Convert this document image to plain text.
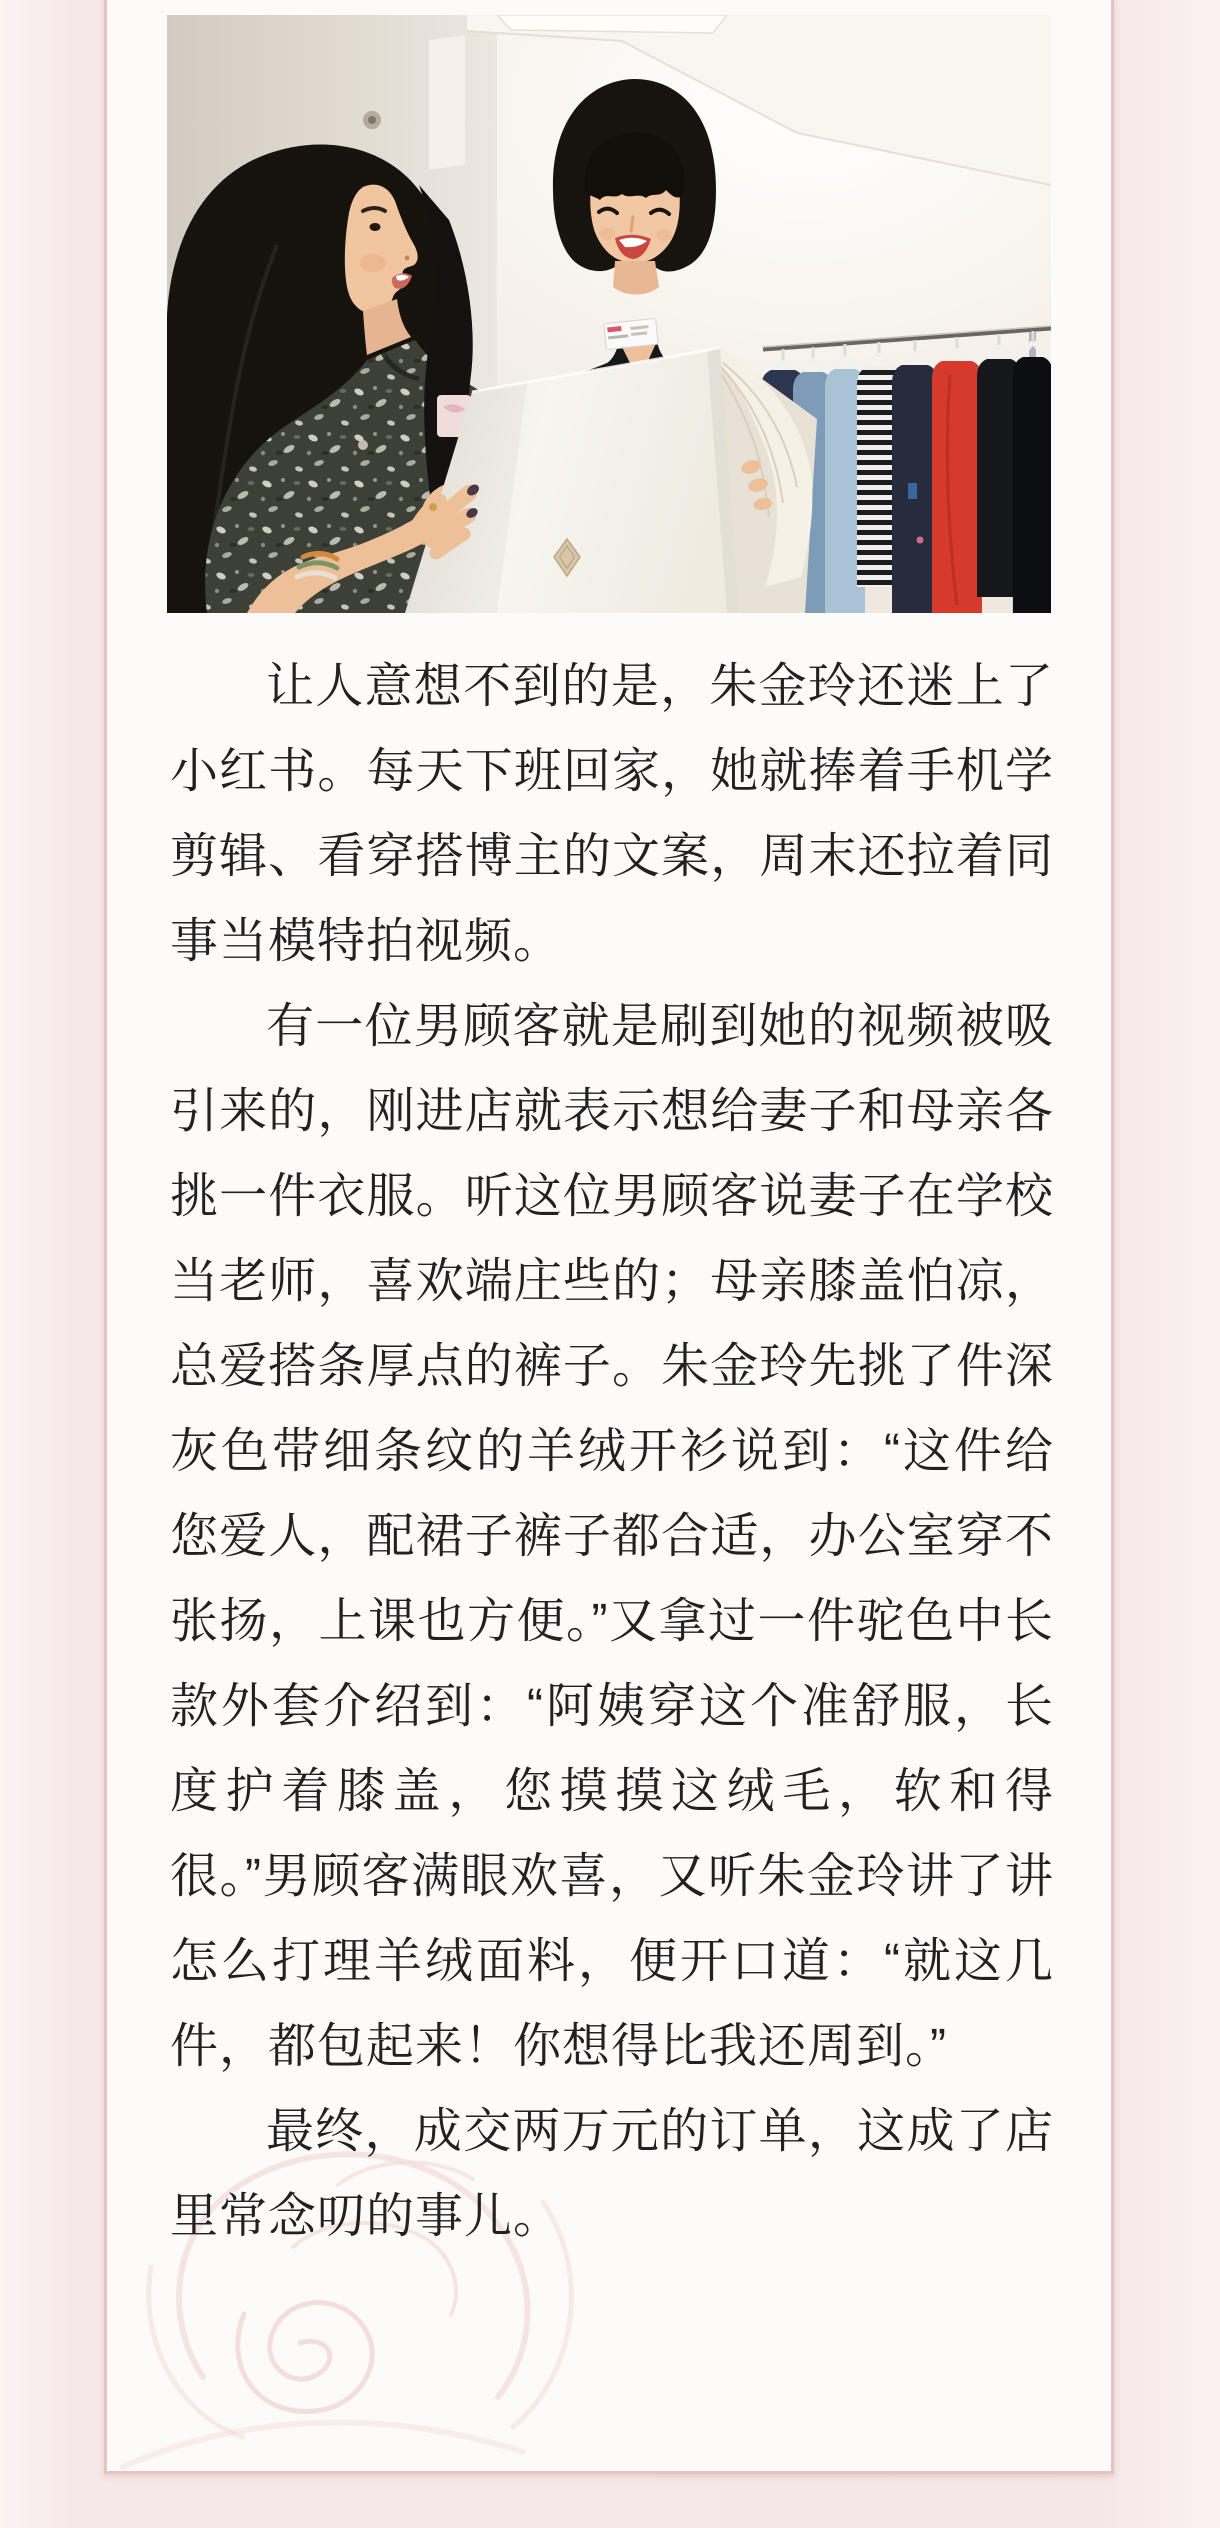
让人意想不到的是，朱金玲还迷上了小红书。每天下班回家，她就捧着手机学剪辑、看穿搭博主的文案，周末还拉着同事当模特拍视频。

有一位男顾客就是刷到她的视频被吸引来的，刚进店就表示想给妻子和母亲各挑一件衣服。听这位男顾客说妻子在学校当老师，喜欢端庄些的；母亲膝盖怕凉，总爱搭条厚点的裤子。朱金玲先挑了件深灰色带细条纹的羊绒开衫说到：“这件给您爱人，配裙子裤子都合适，办公室穿不张扬，上课也方便。”又拿过一件驼色中长款外套介绍到：“阿姨穿这个准舒服，长度护着膝盖，您摸摸这绒毛，软和得很。”男顾客满眼欢喜，又听朱金玲讲了讲怎么打理羊绒面料，便开口道：“就这几件，都包起来！你想得比我还周到。”

最终，成交两万元的订单，这成了店里常念叨的事儿。
